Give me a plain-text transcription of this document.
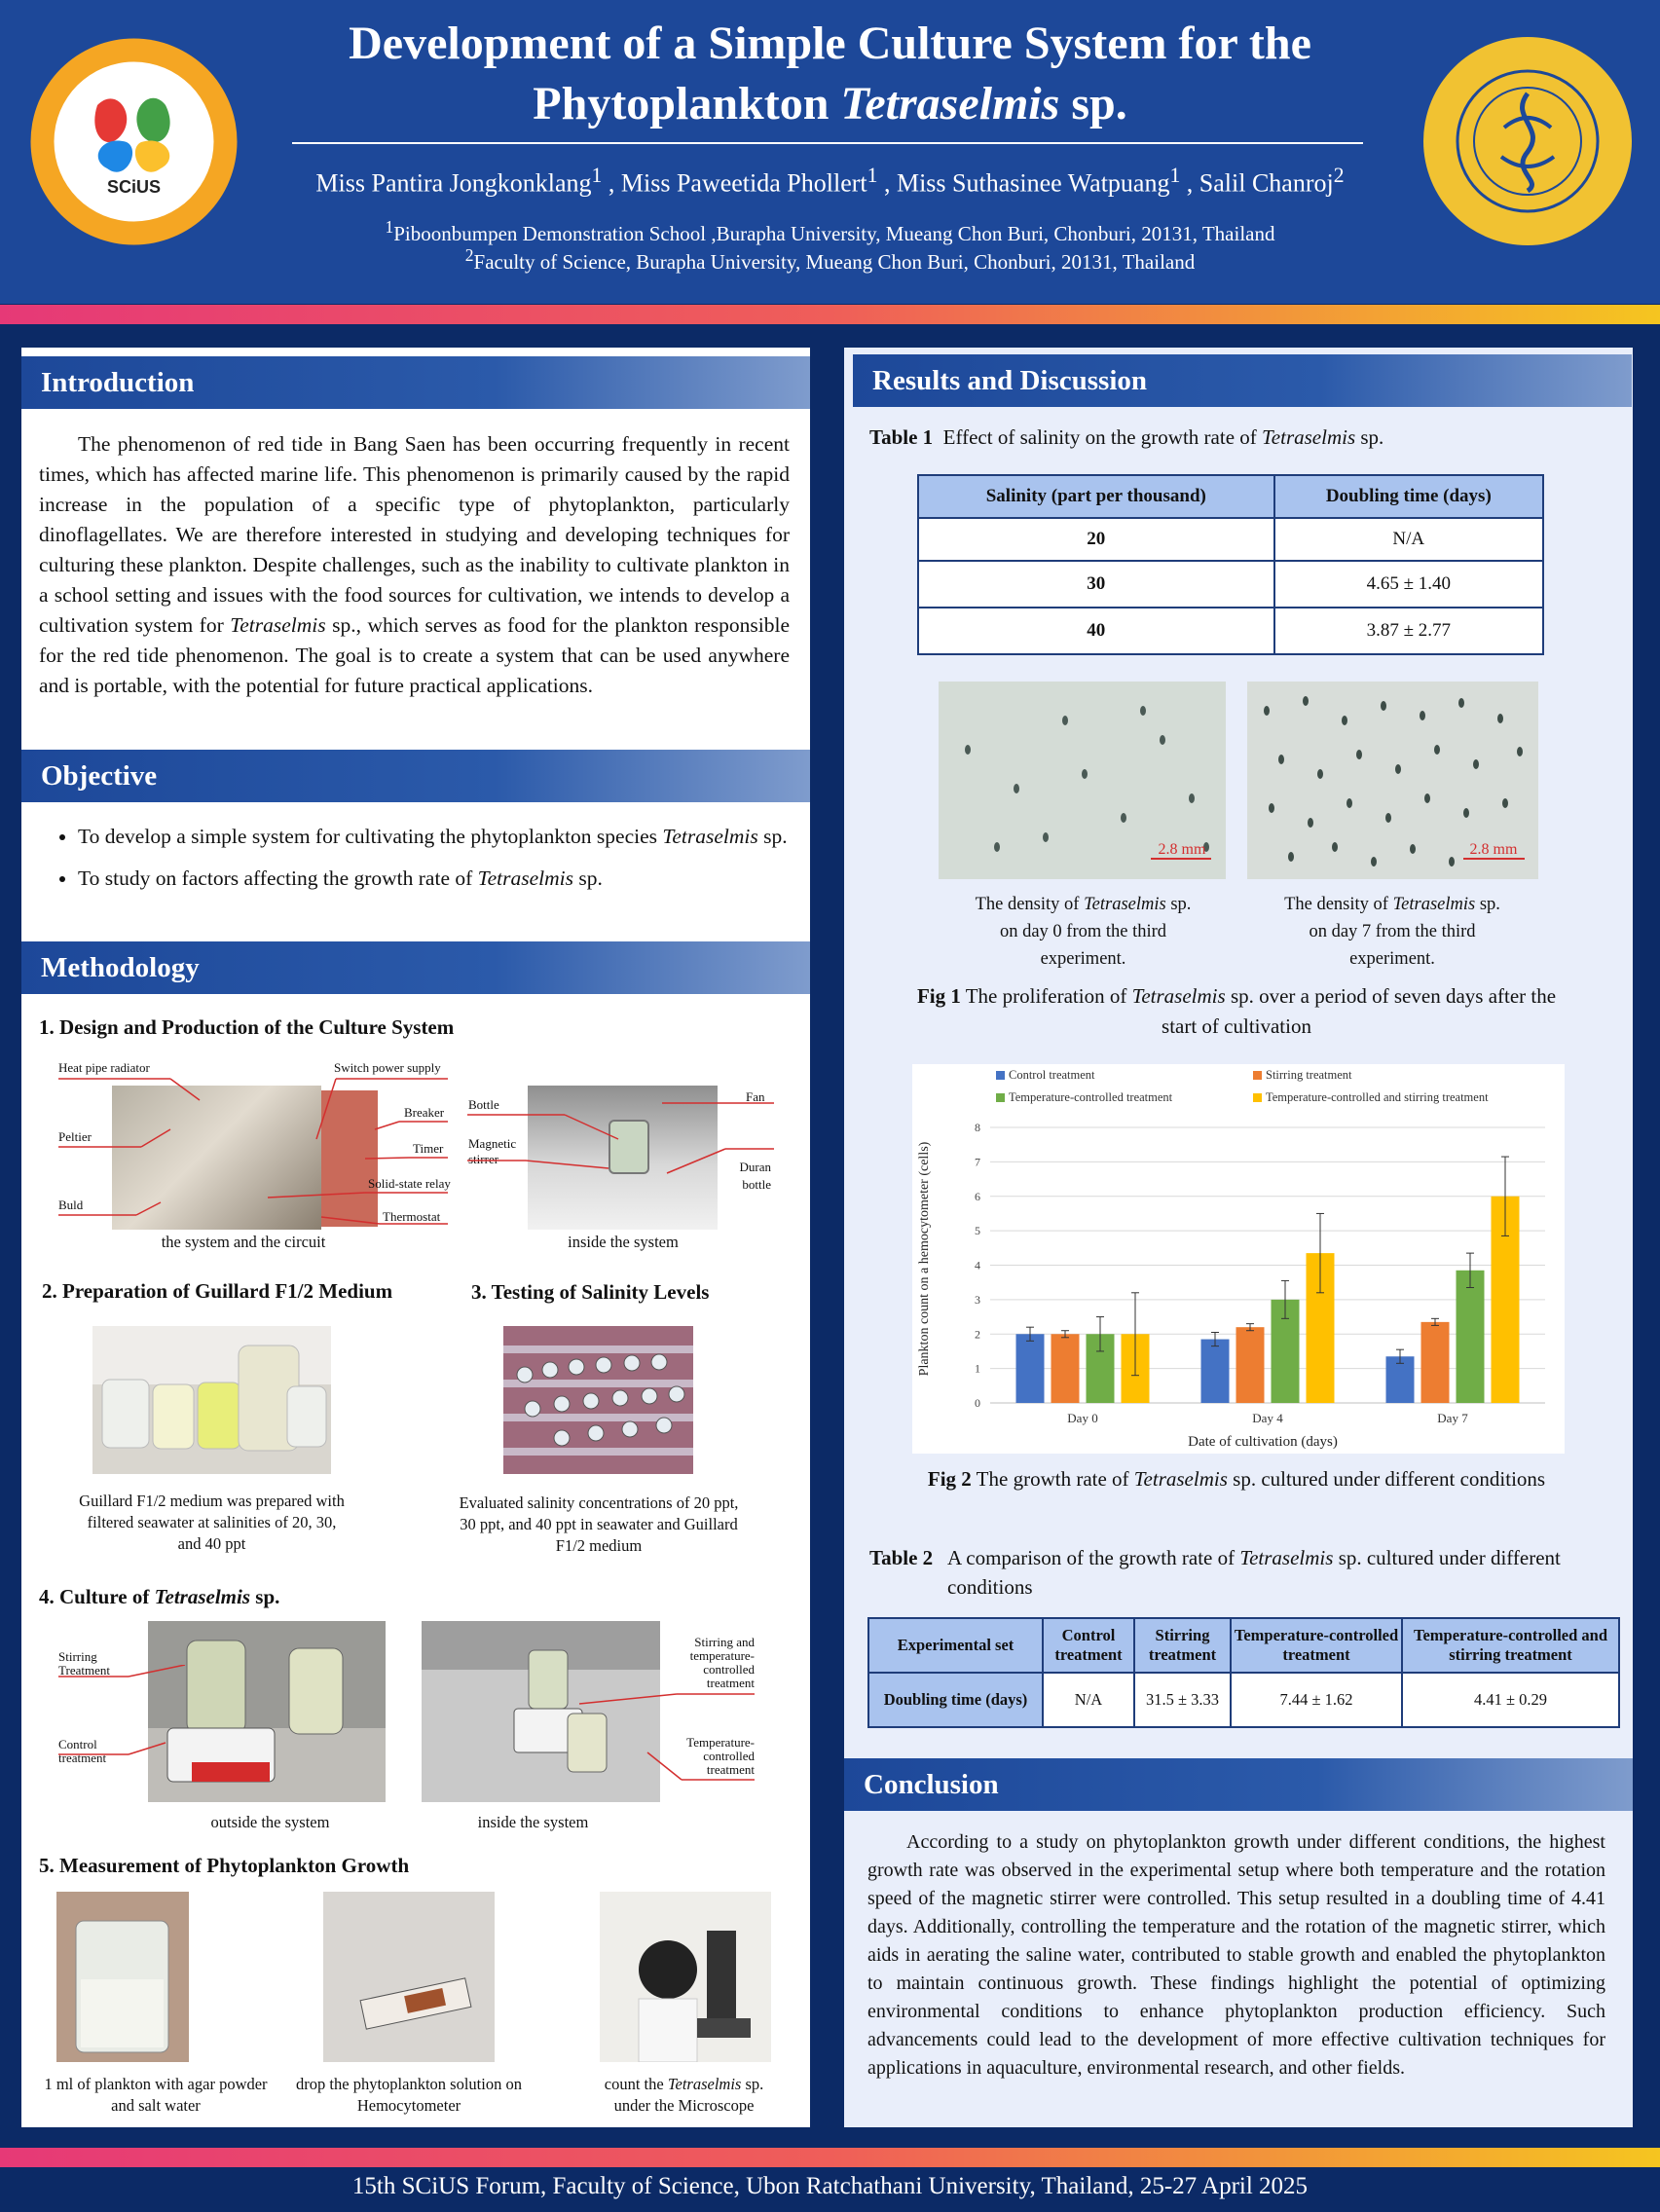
SCiUS
Development of a Simple Culture System for the
Phytoplankton Tetraselmis sp.
Miss Pantira Jongkonklang$^1$ , Miss Paweetida Phollert$^1$ , Miss Suthasinee Watpuang$^1$ , Salil Chanroj$^2$
$^1$Piboonbumpen Demonstration School ,Burapha University, Mueang Chon Buri, Chonburi, 20131, Thailand
$^2$Faculty of Science, Burapha University, Mueang Chon Buri, Chonburi, 20131, Thailand
Introduction
The phenomenon of red tide in Bang Saen has been occurring frequently in recent times, which has affected marine life. This phenomenon is primarily caused by the rapid increase in the population of a specific type of phytoplankton, particularly dinoflagellates. We are therefore interested in studying and developing techniques for culturing these plankton. Despite challenges, such as the inability to cultivate plankton in a school setting and issues with the food sources for cultivation, we intends to develop a cultivation system for Tetraselmis sp., which serves as food for the plankton responsible for the red tide phenomenon. The goal is to create a system that can be used anywhere and is portable, with the potential for future practical applications.
Objective
• To develop a simple system for cultivating the phytoplankton species Tetraselmis sp.
• To study on factors affecting the growth rate of Tetraselmis sp.
Methodology
1. Design and Production of the Culture System
Heat pipe radiator
Peltier
Buld
Switch power supply
Breaker
Timer
Solid-state relay
Thermostat
the system and the circuit
Bottle
Magnetic stirrer
Fan
Duran bottle
inside the system
2. Preparation of Guillard F1/2 Medium	3. Testing of Salinity Levels
Guillard F1/2 medium was prepared with filtered seawater at salinities of 20, 30, and 40 ppt
Evaluated salinity concentrations of 20 ppt, 30 ppt, and 40 ppt in seawater and Guillard F1/2 medium
4. Culture of Tetraselmis sp.
Stirring Treatment
Control treatment
outside the system
Stirring and temperature-controlled treatment
Temperature-controlled treatment
inside the system
5. Measurement of Phytoplankton Growth
1 ml of plankton with agar powder and salt water
drop the phytoplankton solution on Hemocytometer
count the Tetraselmis sp.
under the Microscope
Results and Discussion
Table 1  Effect of salinity on the growth rate of Tetraselmis sp.
Salinity (part per thousand)	Doubling time (days)
20	N/A
30	4.65 ± 1.40
40	3.87 ± 2.77
2.8 mm	2.8 mm
The density of Tetraselmis sp.
on day 0 from the third
experiment.
The density of Tetraselmis sp.
on day 7 from the third
experiment.
Fig 1 The proliferation of Tetraselmis sp. over a period of seven days after the start of cultivation
0
1
2
3
4
5
6
7
8
Day 0	Day 4	Day 7
Control treatment	Stirring treatment
Temperature-controlled treatment	Temperature-controlled and stirring treatment
Plankton count on a hemocytometer (cells)
Date of cultivation (days)
Fig 2 The growth rate of Tetraselmis sp. cultured under different conditions
Table 2 A comparison of the growth rate of Tetraselmis sp. cultured under different conditions
Experimental set	Control treatment	Stirring treatment	Temperature-controlled treatment	Temperature-controlled and stirring treatment
Doubling time (days)	N/A	31.5 ± 3.33	7.44 ± 1.62	4.41 ± 0.29
Conclusion
According to a study on phytoplankton growth under different conditions, the highest growth rate was observed in the experimental setup where both temperature and the rotation speed of the magnetic stirrer were controlled. This setup resulted in a doubling time of 4.41 days. Additionally, controlling the temperature and the rotation of the magnetic stirrer, which aids in aerating the saline water, contributed to stable growth and enabled the phytoplankton to maintain continuous growth. These findings highlight the potential of optimizing environmental conditions to enhance phytoplankton production efficiency. Such advancements could lead to the development of more effective cultivation techniques for applications in aquaculture, environmental research, and other fields.
15th SCiUS Forum, Faculty of Science, Ubon Ratchathani University, Thailand, 25-27 April 2025
